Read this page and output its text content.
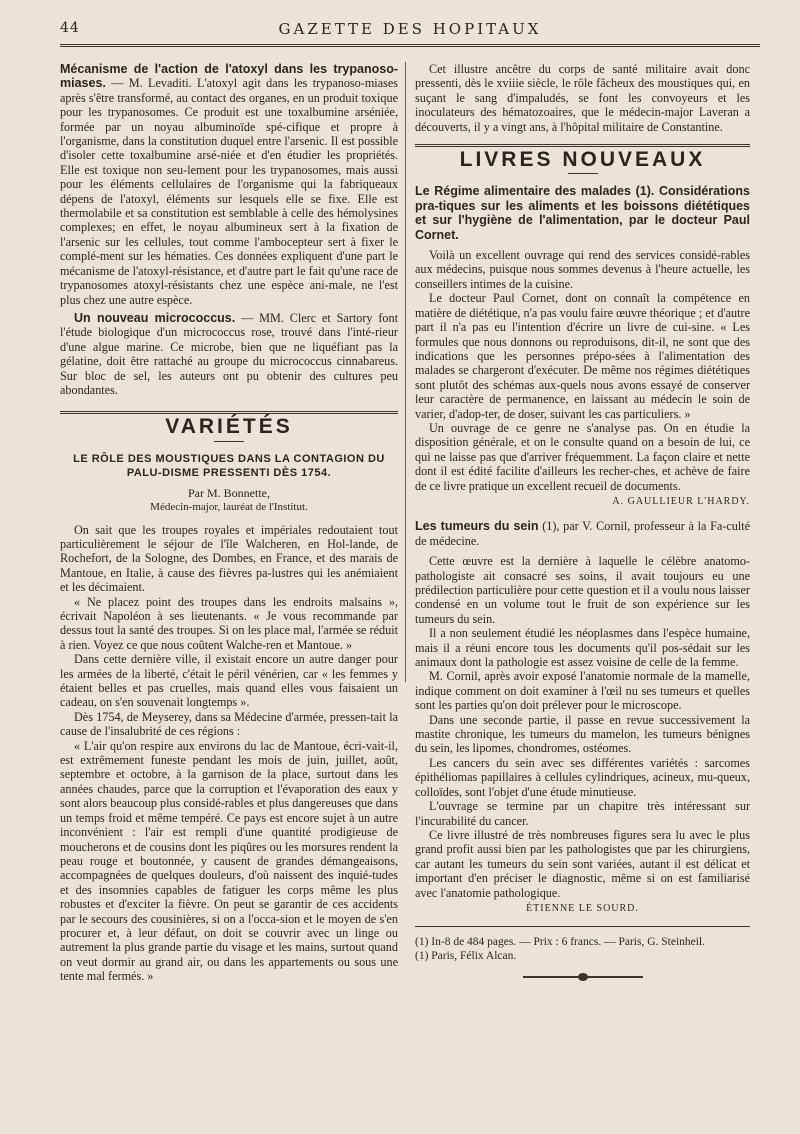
44	GAZETTE DES HOPITAUX

Mécanisme de l'action de l'atoxyl dans les trypanoso-miases. — M. Levaditi. L'atoxyl agit dans les trypanoso-miases après s'être transformé, au contact des organes, en un produit toxique pour les trypanosomes. Ce produit est une toxalbumine arséniée, formée par un noyau albuminoïde spé-cifique et propre à l'organisme, dans la constitution duquel entre l'arsenic. Il est possible d'isoler cette toxalbumine arsé-niée et d'en étudier les propriétés. Elle est toxique non seu-lement pour les trypanosomes, mais aussi pour les éléments cellulaires de l'organisme qui la fabriqueaux dépens de l'atoxyl, éléments sur lesquels elle se fixe. Elle est thermolabile et sa constitution est semblable à celle des hémolysines complexes; en effet, le noyau albumineux sert à la fixation de l'arsenic sur les cellules, tout comme l'ambocepteur sert à fixer le complé-ment sur les hématies. Ces données expliquent d'une part le mécanisme de l'atoxyl-résistance, et d'autre part le fait qu'une race de trypanosomes atoxyl-résistants chez une espèce ani-male, ne l'est plus chez une autre espèce.

Un nouveau micrococcus. — MM. Clerc et Sartory font l'étude biologique d'un micrococcus rose, trouvé dans l'inté-rieur d'une algue marine. Ce microbe, bien que ne liquéfiant pas la gélatine, doit être rattaché au groupe du micrococcus cinnabareus. Sur bloc de sel, les auteurs ont pu obtenir des cultures peu abondantes.

VARIÉTÉS
LE RÔLE DES MOUSTIQUES DANS LA CONTAGION DU PALU-DISME PRESSENTI DÈS 1754.
Par M. Bonnette,
Médecin-major, lauréat de l'Institut.

On sait que les troupes royales et impériales redoutaient tout particulièrement le séjour de l'île Walcheren, en Hol-lande, de Rochefort, de la Sologne, des Dombes, en France, et des marais de Mantoue, en Italie, à cause des fièvres pa-lustres qui les anémiaient et les décimaient.

« Ne placez point des troupes dans les endroits malsains », écrivait Napoléon à ses lieutenants. « Je vous recommande par dessus tout la santé des troupes. Si on les place mal, l'armée se réduit à rien. Voyez ce que nous coûtent Walche-ren et Mantoue. »

Dans cette dernière ville, il existait encore un autre danger pour les armées de la liberté, c'était le péril vénérien, car « les femmes y étaient belles et pas cruelles, mais quand elles vous faisaient un cadeau, on s'en souvenait longtemps ».

Dès 1754, de Meyserey, dans sa Médecine d'armée, pressen-tait la cause de l'insalubrité de ces régions :

« L'air qu'on respire aux environs du lac de Mantoue, écri-vait-il, est extrêmement funeste pendant les mois de juin, juillet, août, septembre et octobre, à la garnison de la place, surtout dans les années chaudes, parce que la corruption et l'évaporation des eaux y sont alors beaucoup plus considé-rables et plus dangereuses que dans un temps froid et même tempéré. Ce pays est encore sujet à un autre inconvénient : l'air est rempli d'une quantité prodigieuse de moucherons et de cousins dont les piqûres ou les morsures rendent la peau rouge et boutonnée, y causent de grandes démangeaisons, accompagnées de quelques douleurs, d'où naissent des inquié-tudes et des insomnies capables de fatiguer les corps même les plus robustes et d'exciter la fièvre. On peut se garantir de ces accidents par le secours des cousinières, si on a l'occa-sion et le moyen de s'en procurer et, à leur défaut, on doit se couvrir avec un linge ou autrement la plus grande partie du visage et les mains, surtout quand on veut dormir au grand air, ou dans les appartements ou sous une tente mal fermés. »

Cet illustre ancêtre du corps de santé militaire avait donc pressenti, dès le xviiie siècle, le rôle fâcheux des moustiques qui, en suçant le sang d'impaludés, se font les convoyeurs et les inoculateurs des hématozoaires, que le médecin-major Laveran a découverts, il y a vingt ans, à l'hôpital militaire de Constantine.

LIVRES NOUVEAUX

Le Régime alimentaire des malades (1). Considérations pra-tiques sur les aliments et les boissons diététiques et sur l'hygiène de l'alimentation, par le docteur Paul Cornet.

Voilà un excellent ouvrage qui rend des services considé-rables aux médecins, puisque nous sommes devenus à l'heure actuelle, les conseillers intimes de la cuisine.

Le docteur Paul Cornet, dont on connaît la compétence en matière de diététique, n'a pas voulu faire œuvre théorique ; et d'autre part il n'a pas eu l'intention d'écrire un livre de cui-sine. « Les formules que nous donnons ou reproduisons, dit-il, ne sont que des indications que les personnes prépo-sées à l'alimentation des malades se chargeront d'exécuter. De même nos régimes diététiques sont plutôt des schémas aux-quels nous avons essayé de conserver leur caractère de permanence, en laissant au médecin le soin de varier, d'adop-ter, de doser, suivant les cas particuliers. »

Un ouvrage de ce genre ne s'analyse pas. On en étudie la disposition générale, et on le consulte quand on a besoin de lui, ce qui ne laisse pas que d'arriver fréquemment. La façon claire et nette dont il est édité facilite d'ailleurs les recher-ches, et achève de faire de ce livre pratique un excellent recueil de documents.

A. GAULLIEUR L'HARDY.

Les tumeurs du sein (1), par V. Cornil, professeur à la Fa-culté de médecine.

Cette œuvre est la dernière à laquelle le célèbre anatomo-pathologiste ait consacré ses soins, il avait toujours eu une prédilection particulière pour cette question et il a voulu nous laisser condensé en un volume tout le fruit de son expérience sur les tumeurs du sein.

Il a non seulement étudié les néoplasmes dans l'espèce humaine, mais il a réuni encore tous les documents qu'il pos-sédait sur les animaux dont la pathologie est assez voisine de celle de la femme.

M. Cornil, après avoir exposé l'anatomie normale de la mamelle, indique comment on doit examiner à l'œil nu ses tumeurs et quelles sont les parties qu'on doit prélever pour le microscope.

Dans une seconde partie, il passe en revue successivement la mastite chronique, les tumeurs du mamelon, les tumeurs bénignes du sein, les lipomes, chondromes, ostéomes.

Les cancers du sein avec ses différentes variétés : sarcomes épithéliomas papillaires à cellules cylindriques, acineux, mu-queux, colloïdes, sont l'objet d'une étude minutieuse.

L'ouvrage se termine par un chapitre très intéressant sur l'incurabilité du cancer.

Ce livre illustré de très nombreuses figures sera lu avec le plus grand profit aussi bien par les pathologistes que par les chirurgiens, car autant les tumeurs du sein sont variées, autant il est délicat et important d'en préciser le diagnostic, même si on est familiarisé avec l'anatomie pathologique.

ÉTIENNE LE SOURD.
(1) In-8 de 484 pages. — Prix : 6 francs. — Paris, G. Steinheil.
(1) Paris, Félix Alcan.
